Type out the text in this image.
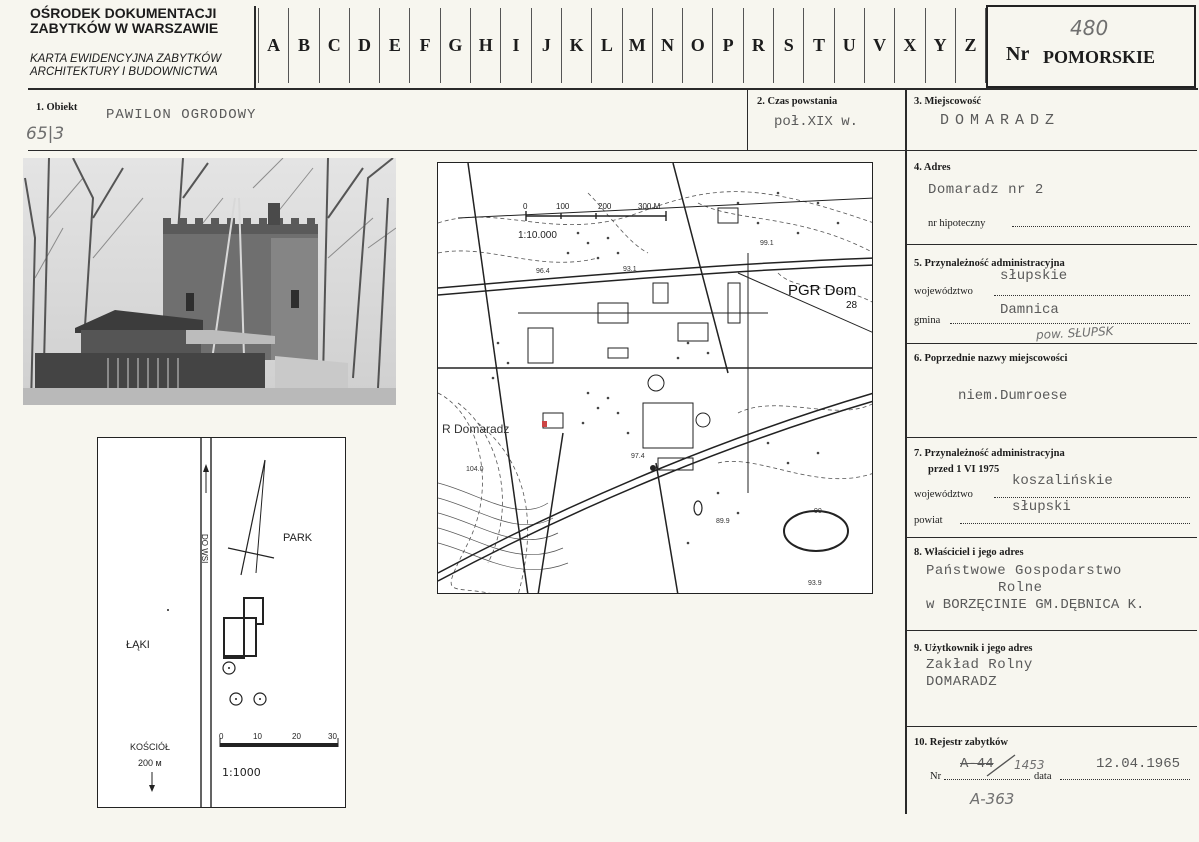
OŚRODEK DOKUMENTACJI
ZABYTKÓW W WARSZAWIE
KARTA EWIDENCYJNA ZABYTKÓW
ARCHITEKTURY I BUDOWNICTWA
A B C D E	F G H	I	J	K L M N O P	R	S	T U V X Y Z
480
Nr POMORSKIE
1. Obiekt PAWILON OGRODOWY
65|3
2. Czas powstania
poł.XIX w.
3. Miejscowość
DOMARADZ
4. Adres
Domaradz nr 2
nr hipoteczny
5. Przynależność administracyjna
województwo
słupskie
gmina
Damnica
pow. SŁUPSK
6. Poprzednie nazwy miejscowości
niem.Dumroese
7. Przynależność administracyjna
przed 1 VI 1975
województwo
koszalińskie
powiat
słupski
8. Właściciel i jego adres
Państwowe Gospodarstwo
Rolne
w BORZĘCINIE GM.DĘBNICA K.
9. Użytkownik i jego adres
Zakład Rolny
DOMARADZ
10. Rejestr zabytków
Nr
A-44 1453
data
12.04.1965
A-363
0	100	200	300 M
1:10.000
PGR Dom
28
R Domaradz
96.4	93.1
99.1
97.4
89.9
90
93.9
104.0
DO WSI	PARK
ŁĄKI
KOŚCIÓŁ
200 м
0	10	20	30
1:1000
